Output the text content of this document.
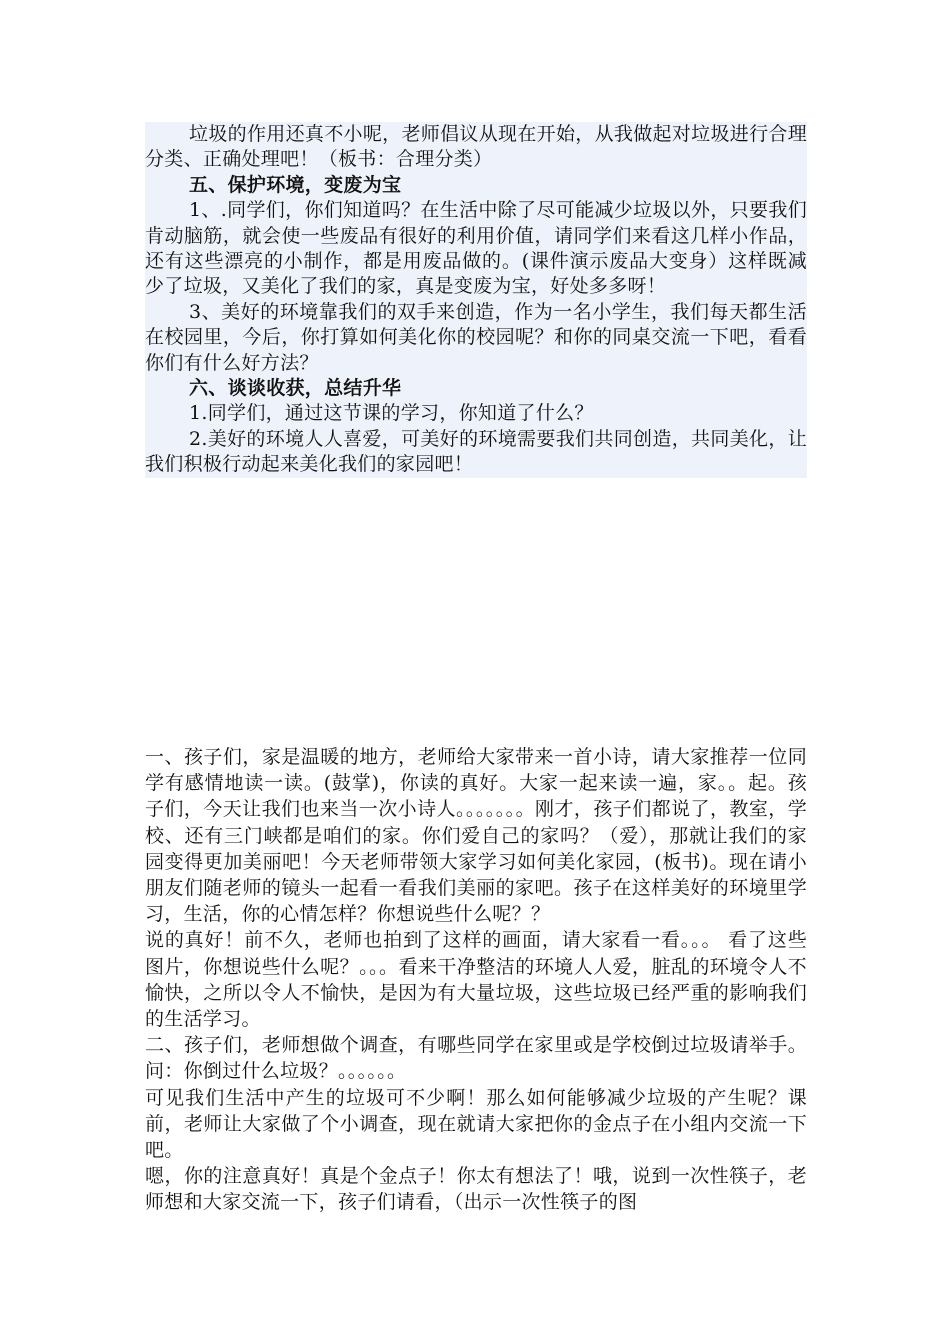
垃圾的作用还真不小呢，老师倡议从现在开始，从我做起对垃圾进行合理分类、正确处理吧！（板书：合理分类）

五、保护环境，变废为宝

1、.同学们，你们知道吗？在生活中除了尽可能减少垃圾以外，只要我们肯动脑筋，就会使一些废品有很好的利用价值，请同学们来看这几样小作品，还有这些漂亮的小制作，都是用废品做的。(课件演示废品大变身）这样既减少了垃圾，又美化了我们的家，真是变废为宝，好处多多呀！

3、美好的环境靠我们的双手来创造，作为一名小学生，我们每天都生活在校园里，今后，你打算如何美化你的校园呢？和你的同桌交流一下吧，看看你们有什么好方法？

六、谈谈收获，总结升华

1.同学们，通过这节课的学习，你知道了什么？

2.美好的环境人人喜爱，可美好的环境需要我们共同创造，共同美化，让我们积极行动起来美化我们的家园吧！

一、孩子们，家是温暖的地方，老师给大家带来一首小诗，请大家推荐一位同学有感情地读一读。(鼓掌)，你读的真好。大家一起来读一遍，家。。起。孩子们，今天让我们也来当一次小诗人。。。。。。。刚才，孩子们都说了，教室，学校、还有三门峡都是咱们的家。你们爱自己的家吗？（爱），那就让我们的家园变得更加美丽吧！今天老师带领大家学习如何美化家园，(板书)。现在请小朋友们随老师的镜头一起看一看我们美丽的家吧。孩子在这样美好的环境里学习，生活，你的心情怎样？你想说些什么呢？？

说的真好！前不久，老师也拍到了这样的画面，请大家看一看。。。 看了这些图片，你想说些什么呢？。。。看来干净整洁的环境人人爱，脏乱的环境令人不愉快，之所以令人不愉快，是因为有大量垃圾，这些垃圾已经严重的影响我们的生活学习。

二、孩子们，老师想做个调查，有哪些同学在家里或是学校倒过垃圾请举手。问：你倒过什么垃圾？。。。。。。

可见我们生活中产生的垃圾可不少啊！那么如何能够减少垃圾的产生呢？课前，老师让大家做了个小调查，现在就请大家把你的金点子在小组内交流一下吧。

嗯，你的注意真好！真是个金点子！你太有想法了！哦，说到一次性筷子，老师想和大家交流一下，孩子们请看，（出示一次性筷子的图
